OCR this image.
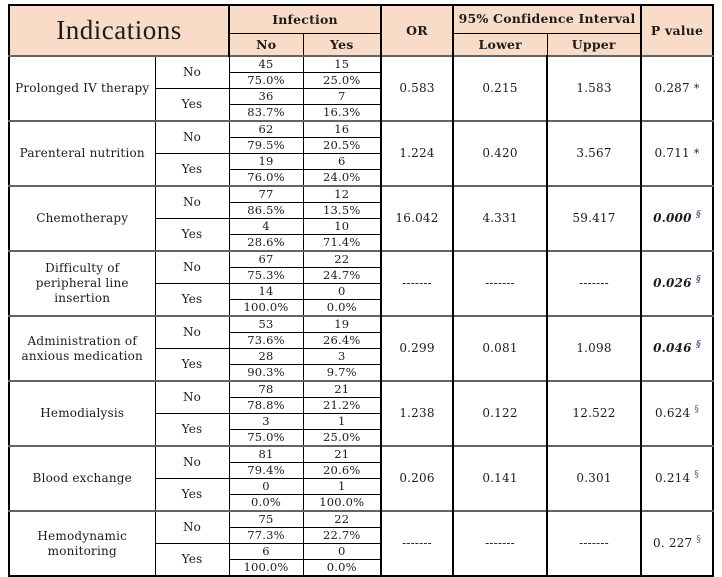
Indications		Infection		OR	95% Confidence Interval		P value
		No	Yes		Lower	Upper	
Prolonged IV therapy	No	45	15	0.583	0.215	1.583	0.287 *
		75.0%	25.0%				
	Yes	36	7				
		83.7%	16.3%				
Parenteral nutrition	No	62	16	1.224	0.420	3.567	0.711 *
		79.5%	20.5%				
	Yes	19	6				
		76.0%	24.0%				
Chemotherapy	No	77	12	16.042	4.331	59.417	0.000 §
		86.5%	13.5%				
	Yes	4	10				
		28.6%	71.4%				
Difficulty of peripheral line insertion	No	67	22	-------	-------	-------	0.026 §
		75.3%	24.7%				
	Yes	14	0				
		100.0%	0.0%				
Administration of anxious medication	No	53	19	0.299	0.081	1.098	0.046 §
		73.6%	26.4%				
	Yes	28	3				
		90.3%	9.7%				
Hemodialysis	No	78	21	1.238	0.122	12.522	0.624 §
		78.8%	21.2%				
	Yes	3	1				
		75.0%	25.0%				
Blood exchange	No	81	21	0.206	0.141	0.301	0.214 §
		79.4%	20.6%				
	Yes	0	1				
		0.0%	100.0%				
Hemodynamic monitoring	No	75	22	-------	-------	-------	0. 227 §
		77.3%	22.7%				
	Yes	6	0				
		100.0%	0.0%				
